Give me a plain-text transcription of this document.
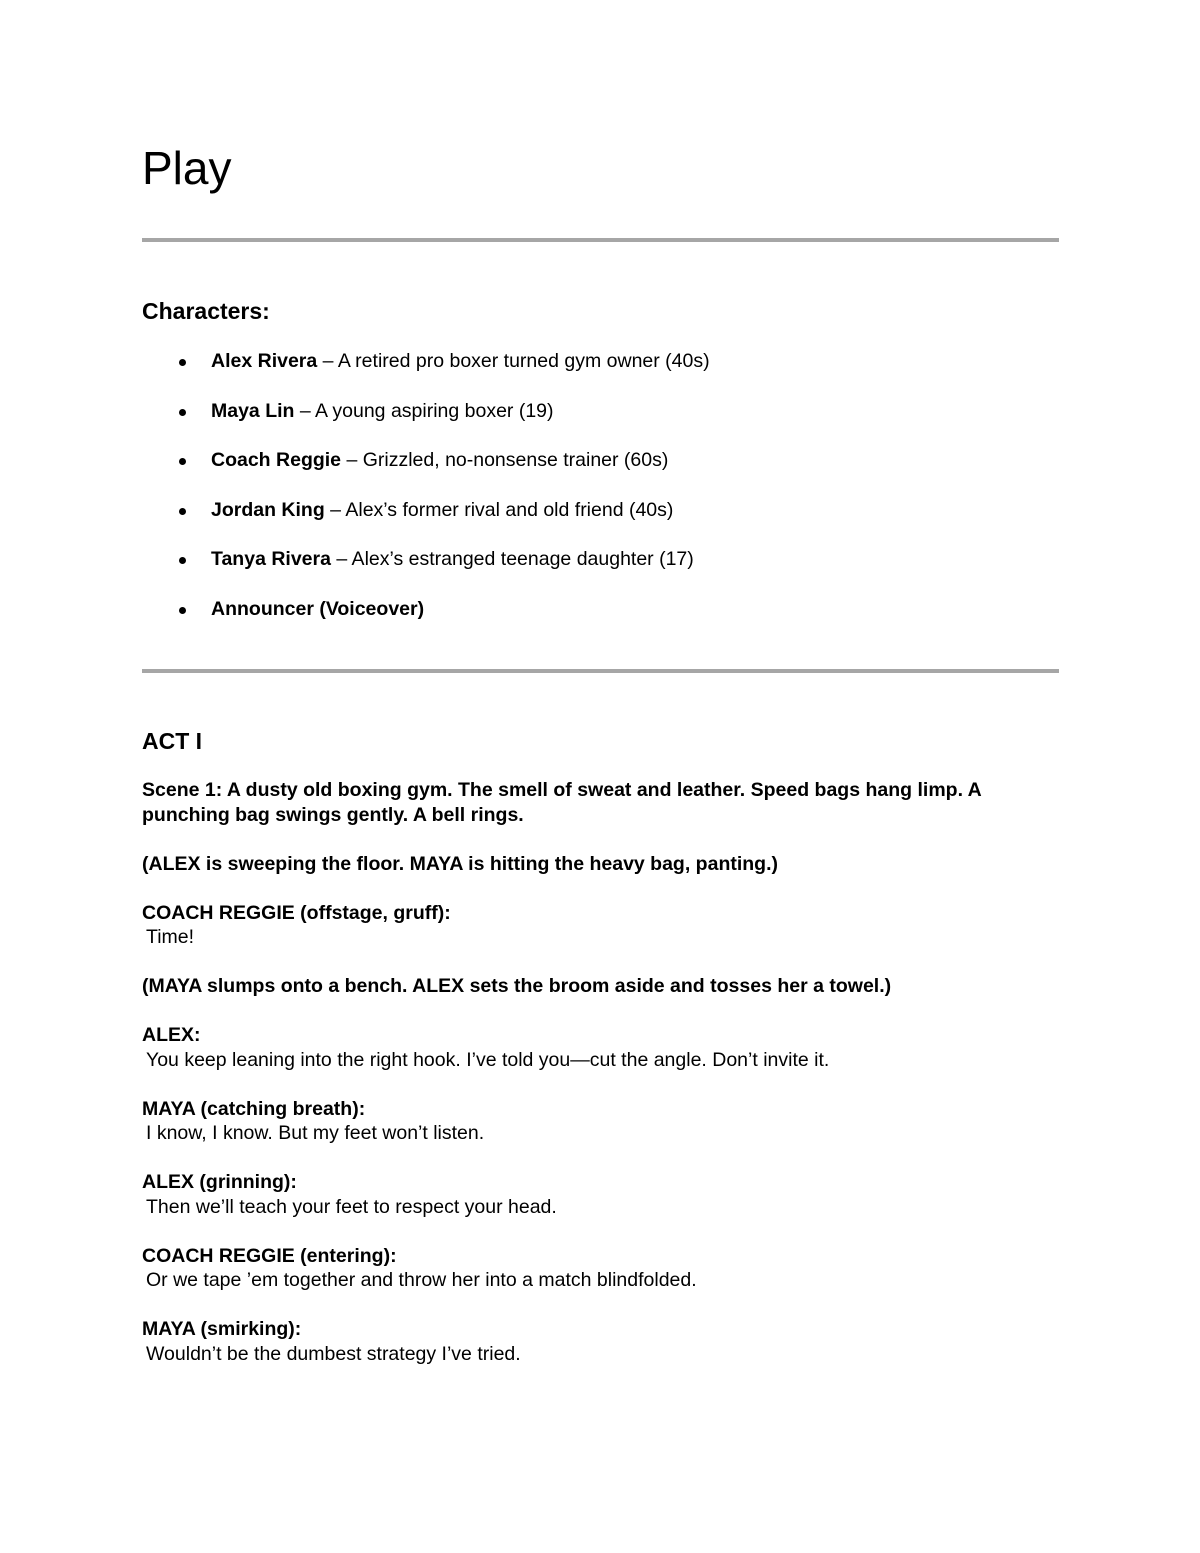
Play
Characters:
Alex Rivera – A retired pro boxer turned gym owner (40s)
Maya Lin – A young aspiring boxer (19)
Coach Reggie – Grizzled, no-nonsense trainer (60s)
Jordan King – Alex’s former rival and old friend (40s)
Tanya Rivera – Alex’s estranged teenage daughter (17)
Announcer (Voiceover)
ACT I

Scene 1: A dusty old boxing gym. The smell of sweat and leather. Speed bags hang limp. A punching bag swings gently. A bell rings.

(ALEX is sweeping the floor. MAYA is hitting the heavy bag, panting.)

COACH REGGIE (offstage, gruff):
Time!

(MAYA slumps onto a bench. ALEX sets the broom aside and tosses her a towel.)

ALEX:
You keep leaning into the right hook. I’ve told you—cut the angle. Don’t invite it.

MAYA (catching breath):
I know, I know. But my feet won’t listen.

ALEX (grinning):
Then we’ll teach your feet to respect your head.

COACH REGGIE (entering):
Or we tape ’em together and throw her into a match blindfolded.

MAYA (smirking):
Wouldn’t be the dumbest strategy I’ve tried.
